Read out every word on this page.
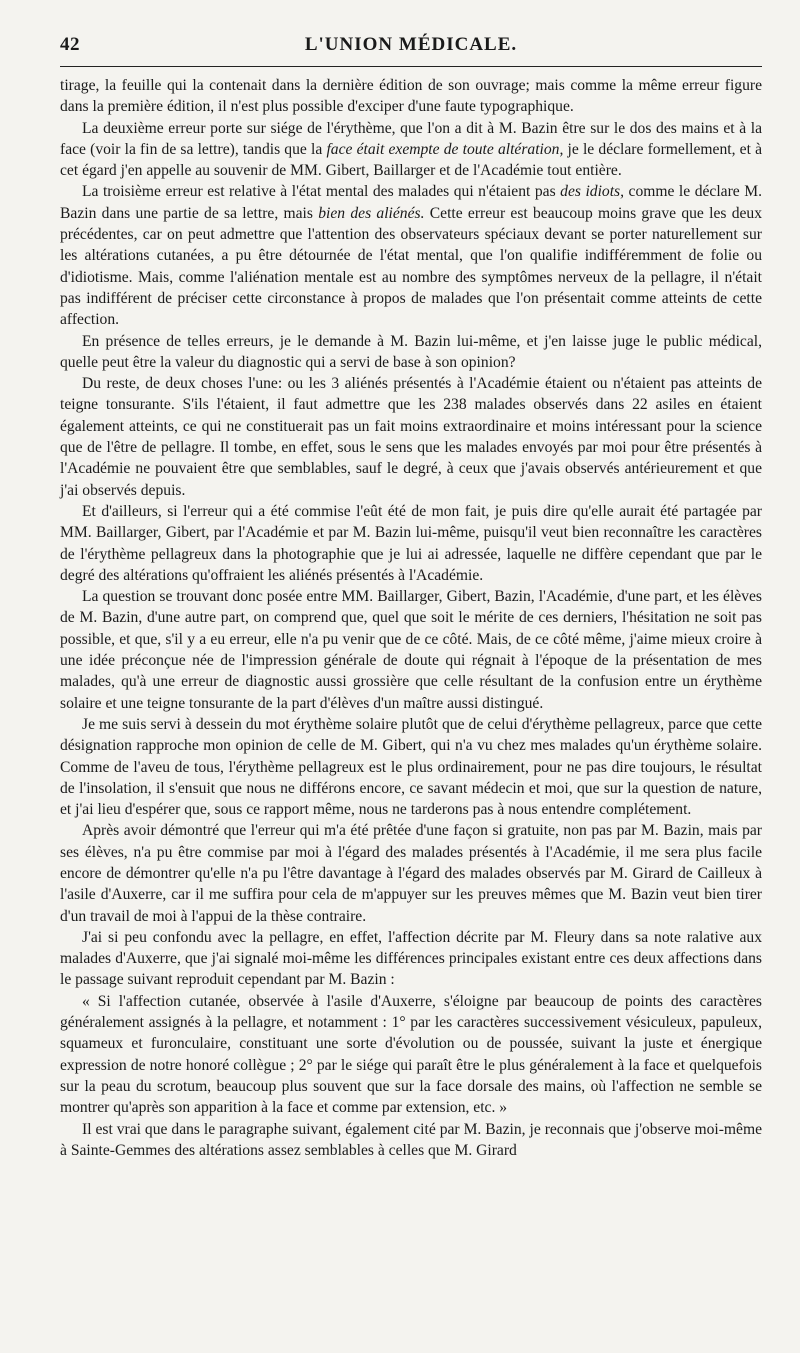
42	L'UNION MÉDICALE.

tirage, la feuille qui la contenait dans la dernière édition de son ouvrage; mais comme la même erreur figure dans la première édition, il n'est plus possible d'exciper d'une faute typographique.

La deuxième erreur porte sur siége de l'érythème, que l'on a dit à M. Bazin être sur le dos des mains et à la face (voir la fin de sa lettre), tandis que la face était exempte de toute altération, je le déclare formellement, et à cet égard j'en appelle au souvenir de MM. Gibert, Baillarger et de l'Académie tout entière.

La troisième erreur est relative à l'état mental des malades qui n'étaient pas des idiots, comme le déclare M. Bazin dans une partie de sa lettre, mais bien des aliénés. Cette erreur est beaucoup moins grave que les deux précédentes, car on peut admettre que l'attention des observateurs spéciaux devant se porter naturellement sur les altérations cutanées, a pu être détournée de l'état mental, que l'on qualifie indifféremment de folie ou d'idiotisme. Mais, comme l'aliénation mentale est au nombre des symptômes nerveux de la pellagre, il n'était pas indifférent de préciser cette circonstance à propos de malades que l'on présentait comme atteints de cette affection.

En présence de telles erreurs, je le demande à M. Bazin lui-même, et j'en laisse juge le public médical, quelle peut être la valeur du diagnostic qui a servi de base à son opinion?

Du reste, de deux choses l'une: ou les 3 aliénés présentés à l'Académie étaient ou n'étaient pas atteints de teigne tonsurante. S'ils l'étaient, il faut admettre que les 238 malades observés dans 22 asiles en étaient également atteints, ce qui ne constituerait pas un fait moins extraordinaire et moins intéressant pour la science que de l'être de pellagre. Il tombe, en effet, sous le sens que les malades envoyés par moi pour être présentés à l'Académie ne pouvaient être que semblables, sauf le degré, à ceux que j'avais observés antérieurement et que j'ai observés depuis.

Et d'ailleurs, si l'erreur qui a été commise l'eût été de mon fait, je puis dire qu'elle aurait été partagée par MM. Baillarger, Gibert, par l'Académie et par M. Bazin lui-même, puisqu'il veut bien reconnaître les caractères de l'érythème pellagreux dans la photographie que je lui ai adressée, laquelle ne diffère cependant que par le degré des altérations qu'offraient les aliénés présentés à l'Académie.

La question se trouvant donc posée entre MM. Baillarger, Gibert, Bazin, l'Académie, d'une part, et les élèves de M. Bazin, d'une autre part, on comprend que, quel que soit le mérite de ces derniers, l'hésitation ne soit pas possible, et que, s'il y a eu erreur, elle n'a pu venir que de ce côté. Mais, de ce côté même, j'aime mieux croire à une idée préconçue née de l'impression générale de doute qui régnait à l'époque de la présentation de mes malades, qu'à une erreur de diagnostic aussi grossière que celle résultant de la confusion entre un érythème solaire et une teigne tonsurante de la part d'élèves d'un maître aussi distingué.

Je me suis servi à dessein du mot érythème solaire plutôt que de celui d'érythème pellagreux, parce que cette désignation rapproche mon opinion de celle de M. Gibert, qui n'a vu chez mes malades qu'un érythème solaire. Comme de l'aveu de tous, l'érythème pellagreux est le plus ordinairement, pour ne pas dire toujours, le résultat de l'insolation, il s'ensuit que nous ne différons encore, ce savant médecin et moi, que sur la question de nature, et j'ai lieu d'espérer que, sous ce rapport même, nous ne tarderons pas à nous entendre complétement.

Après avoir démontré que l'erreur qui m'a été prêtée d'une façon si gratuite, non pas par M. Bazin, mais par ses élèves, n'a pu être commise par moi à l'égard des malades présentés à l'Académie, il me sera plus facile encore de démontrer qu'elle n'a pu l'être davantage à l'égard des malades observés par M. Girard de Cailleux à l'asile d'Auxerre, car il me suffira pour cela de m'appuyer sur les preuves mêmes que M. Bazin veut bien tirer d'un travail de moi à l'appui de la thèse contraire.

J'ai si peu confondu avec la pellagre, en effet, l'affection décrite par M. Fleury dans sa note ralative aux malades d'Auxerre, que j'ai signalé moi-même les différences principales existant entre ces deux affections dans le passage suivant reproduit cependant par M. Bazin :

« Si l'affection cutanée, observée à l'asile d'Auxerre, s'éloigne par beaucoup de points des caractères généralement assignés à la pellagre, et notamment : 1° par les caractères successivement vésiculeux, papuleux, squameux et furonculaire, constituant une sorte d'évolution ou de poussée, suivant la juste et énergique expression de notre honoré collègue ; 2° par le siége qui paraît être le plus généralement à la face et quelquefois sur la peau du scrotum, beaucoup plus souvent que sur la face dorsale des mains, où l'affection ne semble se montrer qu'après son apparition à la face et comme par extension, etc. »

Il est vrai que dans le paragraphe suivant, également cité par M. Bazin, je reconnais que j'observe moi-même à Sainte-Gemmes des altérations assez semblables à celles que M. Girard
